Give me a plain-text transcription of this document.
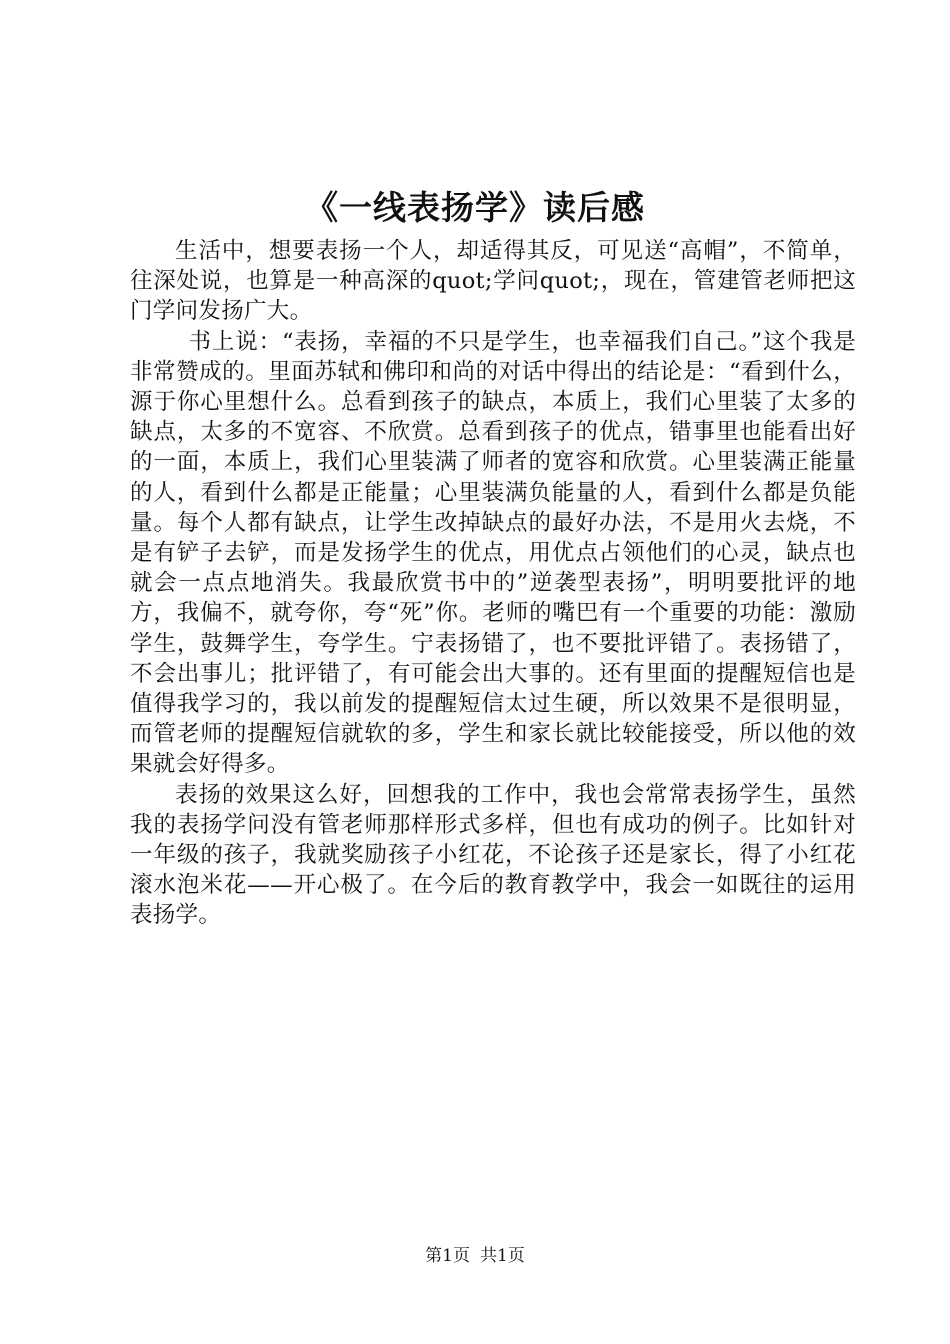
《一线表扬学》读后感

生活中，想要表扬一个人，却适得其反，可见送“高帽”，不简单，往深处说，也算是一种高深的quot;学问quot;，现在，管建管老师把这门学问发扬广大。

书上说：“表扬，幸福的不只是学生，也幸福我们自己。”这个我是非常赞成的。里面苏轼和佛印和尚的对话中得出的结论是：“看到什么，源于你心里想什么。总看到孩子的缺点，本质上，我们心里装了太多的缺点，太多的不宽容、不欣赏。总看到孩子的优点，错事里也能看出好的一面，本质上，我们心里装满了师者的宽容和欣赏。心里装满正能量的人，看到什么都是正能量；心里装满负能量的人，看到什么都是负能量。每个人都有缺点，让学生改掉缺点的最好办法，不是用火去烧，不是有铲子去铲，而是发扬学生的优点，用优点占领他们的心灵，缺点也就会一点点地消失。我最欣赏书中的”逆袭型表扬”，明明要批评的地方，我偏不，就夸你，夸“死”你。老师的嘴巴有一个重要的功能：激励学生，鼓舞学生，夸学生。宁表扬错了，也不要批评错了。表扬错了，不会出事儿；批评错了，有可能会出大事的。还有里面的提醒短信也是值得我学习的，我以前发的提醒短信太过生硬，所以效果不是很明显，而管老师的提醒短信就软的多，学生和家长就比较能接受，所以他的效果就会好得多。

表扬的效果这么好，回想我的工作中，我也会常常表扬学生，虽然我的表扬学问没有管老师那样形式多样，但也有成功的例子。比如针对一年级的孩子，我就奖励孩子小红花，不论孩子还是家长，得了小红花滚水泡米花——开心极了。在今后的教育教学中，我会一如既往的运用表扬学。

第1页 共1页
